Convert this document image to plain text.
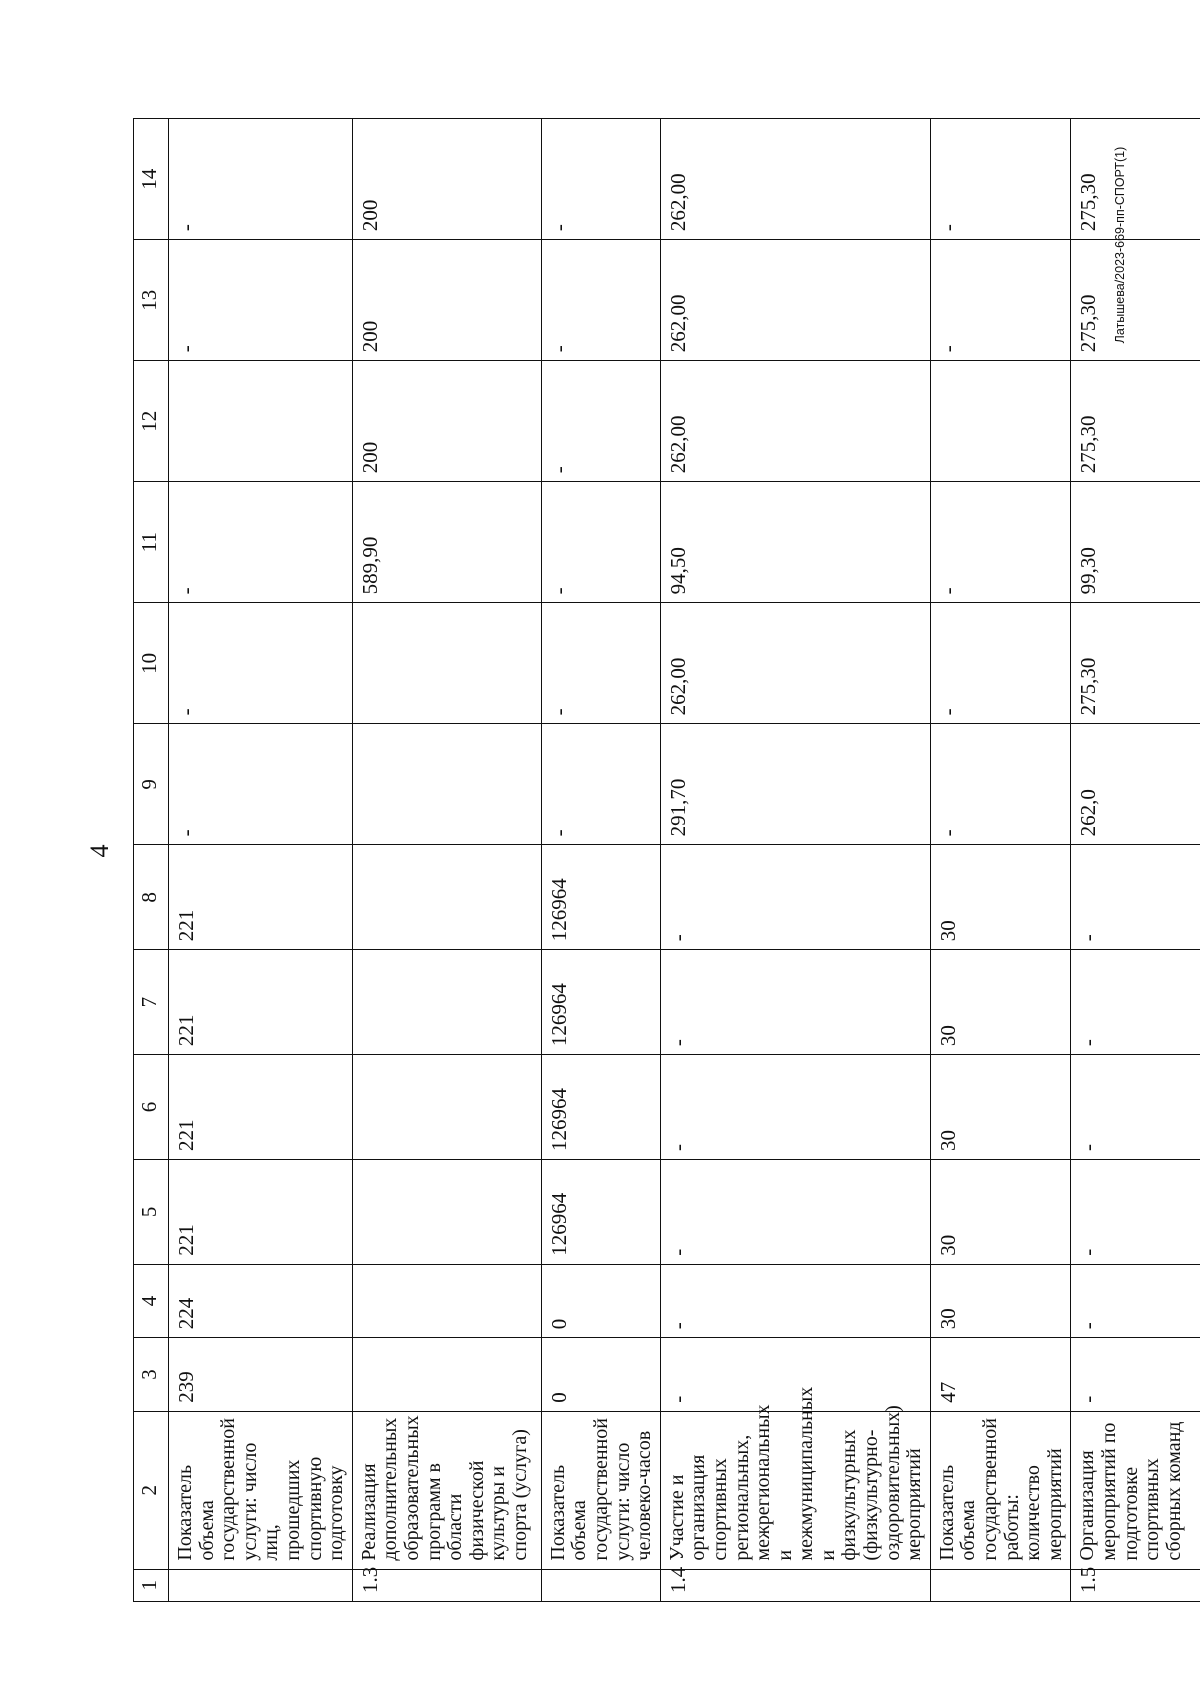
4
Латышева/2023-669-пп-СПОРТ(1)
1	2	3	4	5	6	7	8	9	10	11	12	13	14
	Показатель объема государственной услуги: число лиц, прошедших спортивную подготовку	239	224	221	221	221	221	-	-	-		-	-
1.3	Реализация дополнительных образовательных программ в области физической культуры и спорта (услуга)									589,90	200	200	200
	Показатель объема государственной услуги: число человеко-часов	0	0	126964	126964	126964	126964	-	-	-	-	-	-
1.4	Участие и организация спортивных региональных, межрегиональных и межмуниципальных и физкультурных (физкультурно-оздоровительных) мероприятий	-	-	-	-	-	-	291,70	262,00	94,50	262,00	262,00	262,00
	Показатель объема государственной работы: количество мероприятий	47	30	30	30	30	30	-	-	-		-	-
1.5	Организация мероприятий по подготовке спортивных сборных команд	-	-	-	-	-	-	262,0	275,30	99,30	275,30	275,30	275,30
